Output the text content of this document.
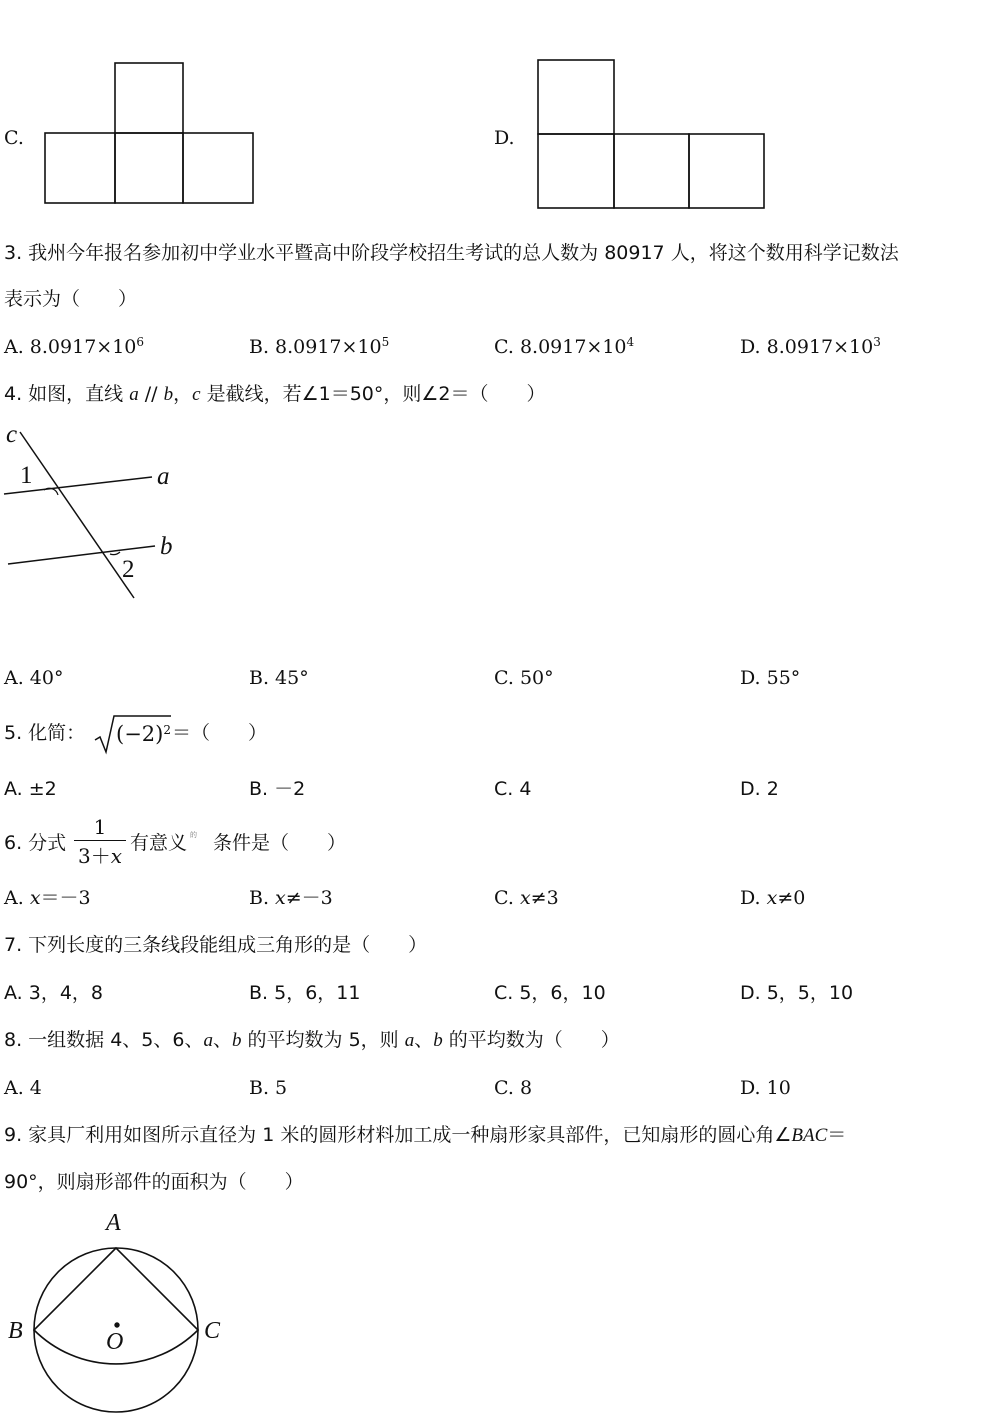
C.	D.
3. 我州今年报名参加初中学业水平暨高中阶段学校招生考试的总人数为 80917 人，将这个数用科学记数法
表示为（　　）
A. $8.0917\times 10^6$	B. $8.0917\times 10^5$	C. $8.0917\times 10^4$	D. $8.0917\times 10^3$
4. 如图，直线 a // b，c 是截线，若∠1＝50°，则∠2＝（　　）
c
1	a
b
2
A. 40°	B. 45°	C. 50°	D. 55°
5. 化简： $(-2)^2$ ＝（　　）
A. ±2	B. －2	C. 4	D. 2
6. 分式 $\frac{1}{3+x}$ 有意义 的 条件是（　　）
A. x＝－3	B. x≠－3	C. x≠3	D. x≠0
7. 下列长度的三条线段能组成三角形的是（　　）
A. 3，4，8	B. 5，6，11	C. 5，6，10	D. 5，5，10
8. 一组数据 4、5、6、a、b 的平均数为 5，则 a、b 的平均数为（　　）
A. 4	B. 5	C. 8	D. 10
9. 家具厂利用如图所示直径为 1 米的圆形材料加工成一种扇形家具部件，已知扇形的圆心角∠BAC＝
90°，则扇形部件的面积为（　　）
A
B	C
O
